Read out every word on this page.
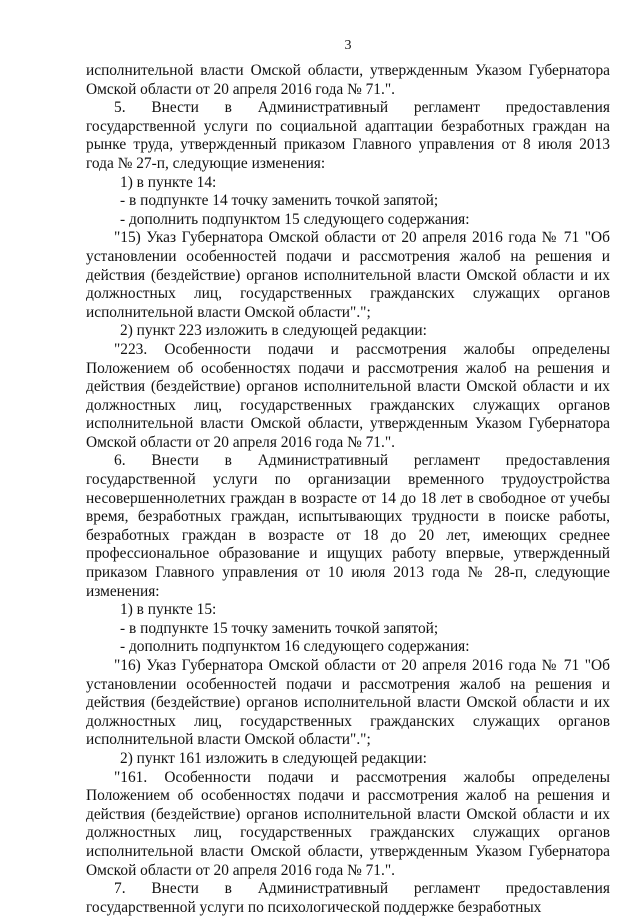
3

исполнительной власти Омской области, утвержденным Указом Губернатора Омской области от 20 апреля 2016 года № 71.".

5. Внести в Административный регламент предоставления государственной услуги по социальной адаптации безработных граждан на рынке труда, утвержденный приказом Главного управления от 8 июля 2013 года № 27-п, следующие изменения:

1) в пункте 14:

- в подпункте 14 точку заменить точкой запятой;

- дополнить подпунктом 15 следующего содержания:

"15) Указ Губернатора Омской области от 20 апреля 2016 года № 71 "Об установлении особенностей подачи и рассмотрения жалоб на решения и действия (бездействие) органов исполнительной власти Омской области и их должностных лиц, государственных гражданских служащих органов исполнительной власти Омской области".";

2) пункт 223 изложить в следующей редакции:

"223. Особенности подачи и рассмотрения жалобы определены Положением об особенностях подачи и рассмотрения жалоб на решения и действия (бездействие) органов исполнительной власти Омской области и их должностных лиц, государственных гражданских служащих органов исполнительной власти Омской области, утвержденным Указом Губернатора Омской области от 20 апреля 2016 года № 71.".

6. Внести в Административный регламент предоставления государственной услуги по организации временного трудоустройства несовершеннолетних граждан в возрасте от 14 до 18 лет в свободное от учебы время, безработных граждан, испытывающих трудности в поиске работы, безработных граждан в возрасте от 18 до 20 лет, имеющих среднее профессиональное образование и ищущих работу впервые, утвержденный приказом Главного управления от 10 июля 2013 года № 28-п, следующие изменения:

1) в пункте 15:

- в подпункте 15 точку заменить точкой запятой;

- дополнить подпунктом 16 следующего содержания:

"16) Указ Губернатора Омской области от 20 апреля 2016 года № 71 "Об установлении особенностей подачи и рассмотрения жалоб на решения и действия (бездействие) органов исполнительной власти Омской области и их должностных лиц, государственных гражданских служащих органов исполнительной власти Омской области".";

2) пункт 161 изложить в следующей редакции:

"161. Особенности подачи и рассмотрения жалобы определены Положением об особенностях подачи и рассмотрения жалоб на решения и действия (бездействие) органов исполнительной власти Омской области и их должностных лиц, государственных гражданских служащих органов исполнительной власти Омской области, утвержденным Указом Губернатора Омской области от 20 апреля 2016 года № 71.".

7. Внести в Административный регламент предоставления государственной услуги по психологической поддержке безработных
